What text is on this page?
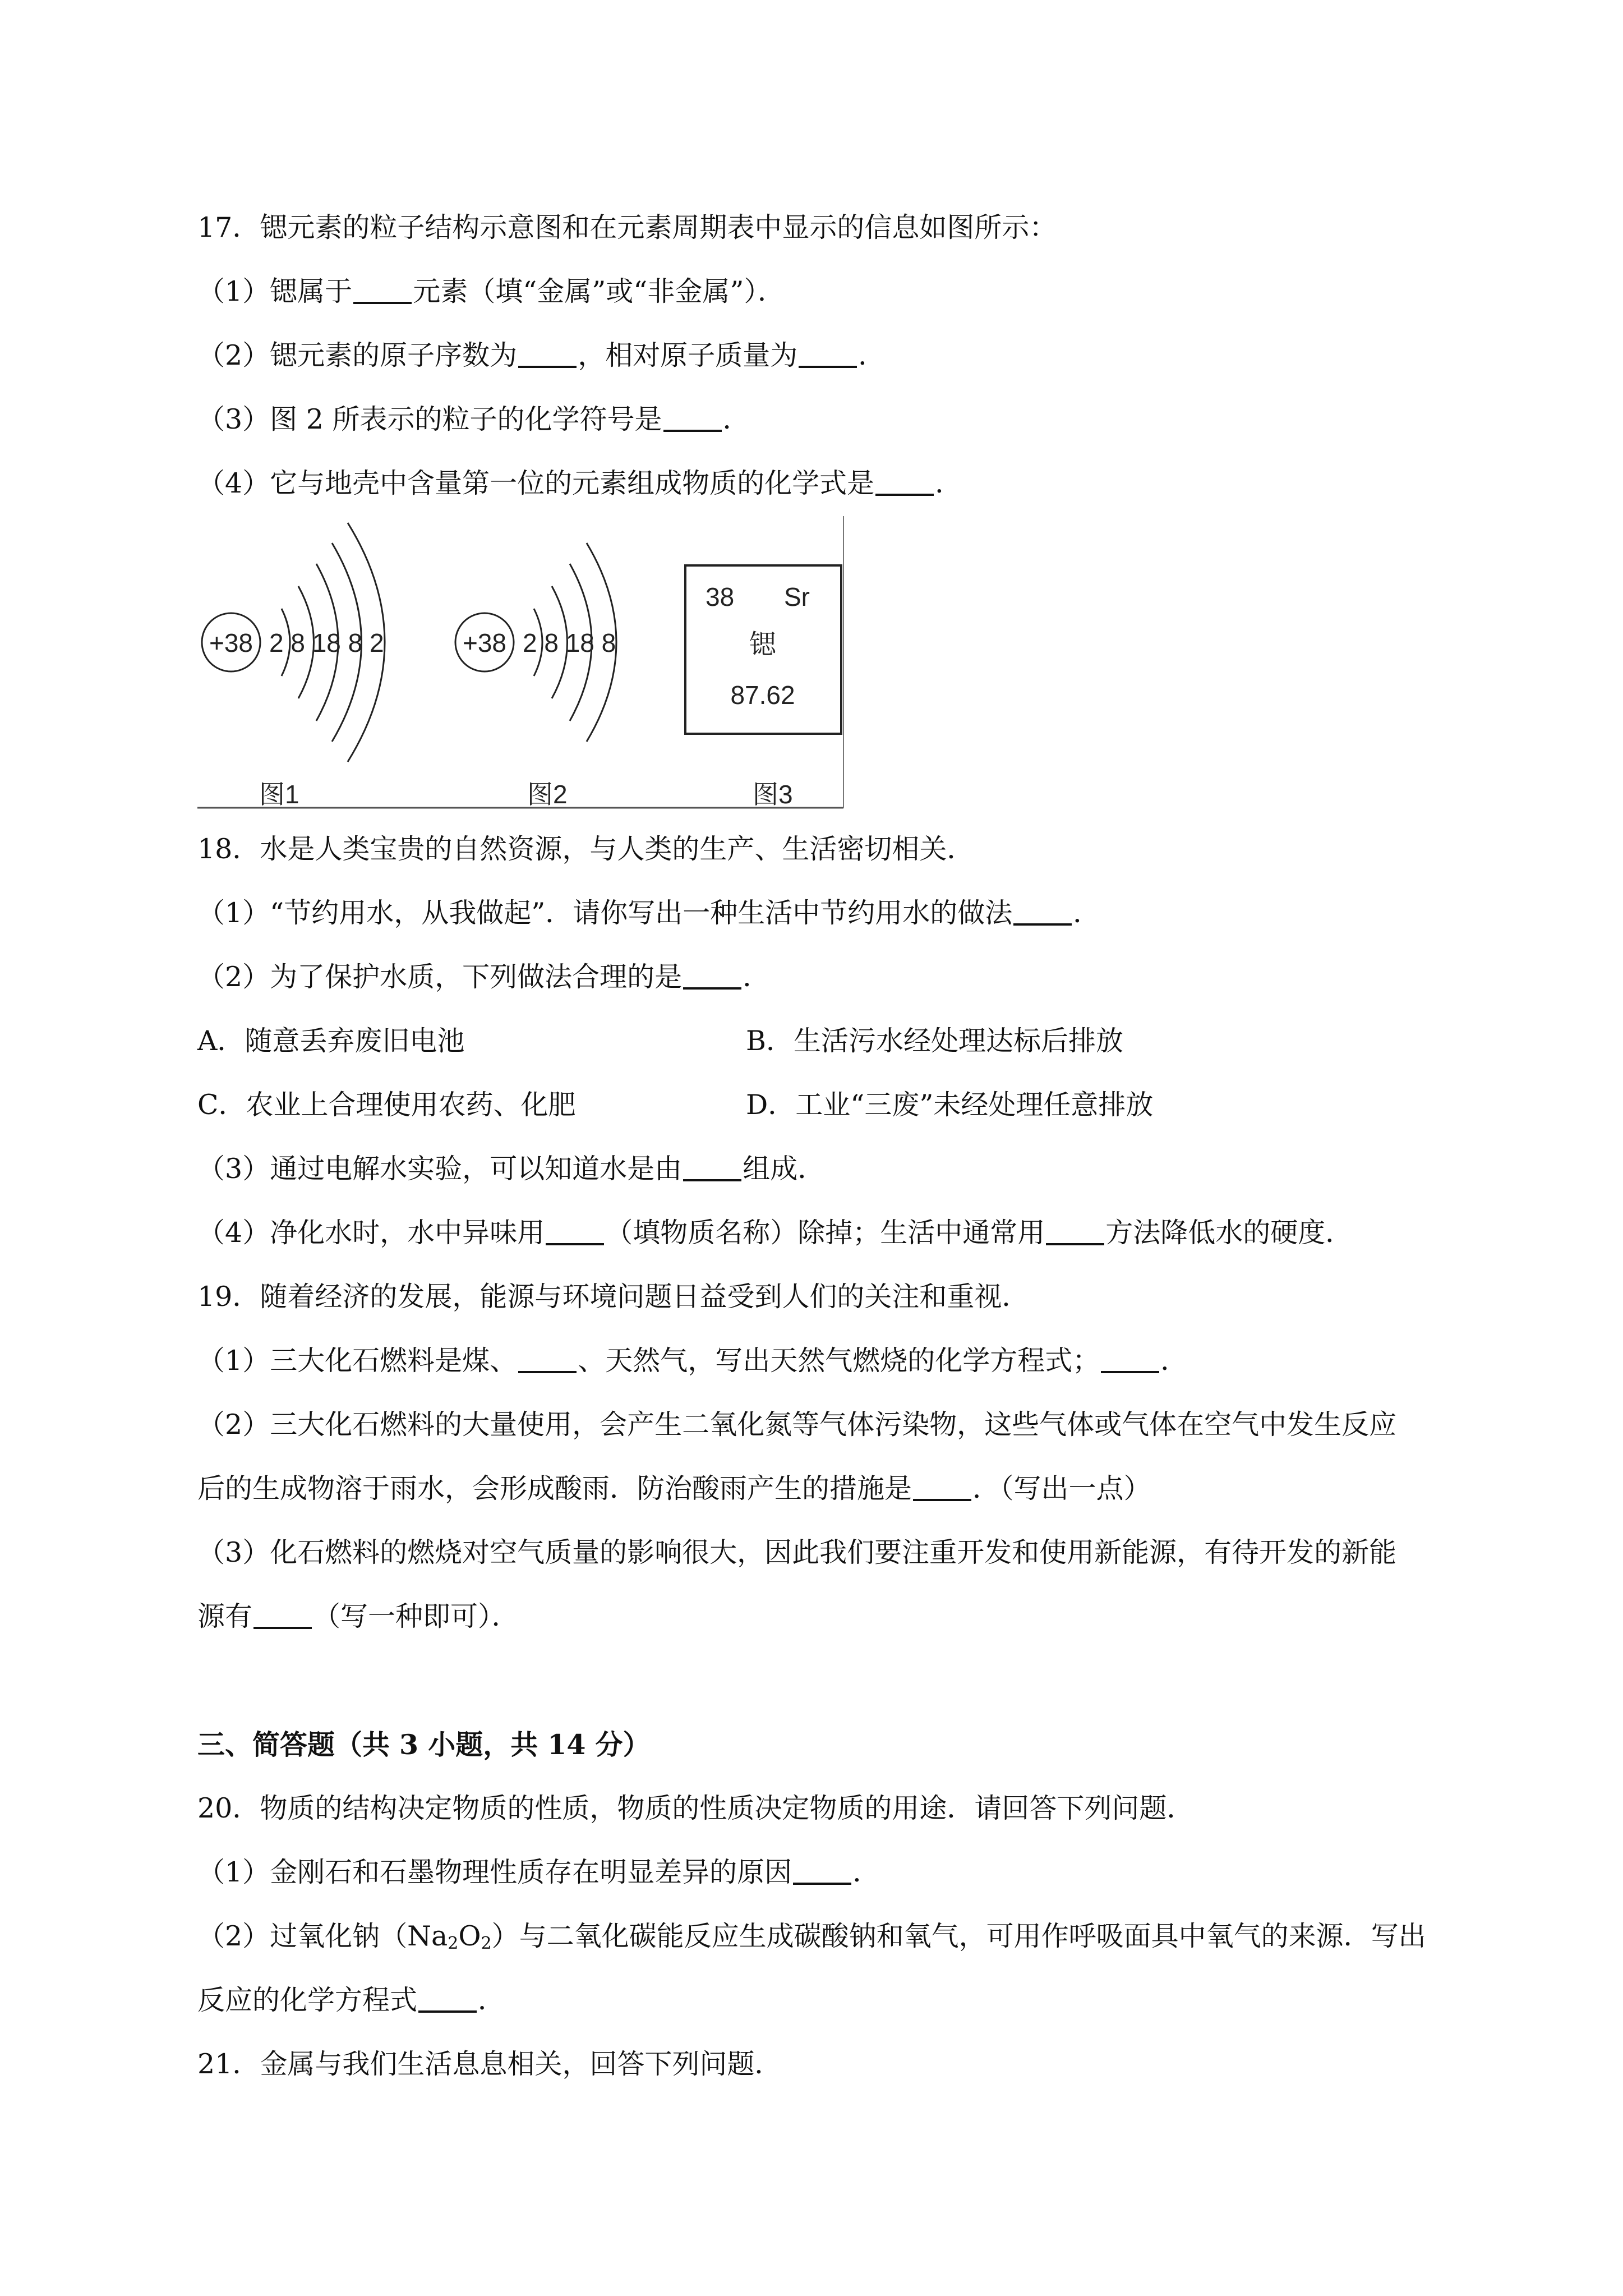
17．锶元素的粒子结构示意图和在元素周期表中显示的信息如图所示：
（1）锶属于 元素（填“金属”或“非金属”）．
（2）锶元素的原子序数为 ，相对原子质量为 ．
（3）图 2 所表示的粒子的化学符号是 ．
（4）它与地壳中含量第一位的元素组成物质的化学式是 ．
+38 2 8 18 8 2
图1
+38 2 8 18 8
图2
38 Sr
锶
87.62
图3
18．水是人类宝贵的自然资源，与人类的生产、生活密切相关．
（1）“节约用水，从我做起”．请你写出一种生活中节约用水的做法 ．
（2）为了保护水质，下列做法合理的是 ．
A．随意丢弃废旧电池	B．生活污水经处理达标后排放
C．农业上合理使用农药、化肥	D．工业“三废”未经处理任意排放
（3）通过电解水实验，可以知道水是由 组成．
（4）净化水时，水中异味用 （填物质名称）除掉；生活中通常用 方法降低水的硬度．
19．随着经济的发展，能源与环境问题日益受到人们的关注和重视．
（1）三大化石燃料是煤、 、天然气，写出天然气燃烧的化学方程式； ．
（2）三大化石燃料的大量使用，会产生二氧化氮等气体污染物，这些气体或气体在空气中发生反应
后的生成物溶于雨水，会形成酸雨．防治酸雨产生的措施是 ．（写出一点）
（3）化石燃料的燃烧对空气质量的影响很大，因此我们要注重开发和使用新能源，有待开发的新能
源有 （写一种即可）．
三、简答题（共 3 小题，共 14 分）
20．物质的结构决定物质的性质，物质的性质决定物质的用途．请回答下列问题．
（1）金刚石和石墨物理性质存在明显差异的原因 ．
（2）过氧化钠$(Na_2O_2)$与二氧化碳能反应生成碳酸钠和氧气，可用作呼吸面具中氧气的来源．写出
反应的化学方程式 ．
21．金属与我们生活息息相关，回答下列问题．
